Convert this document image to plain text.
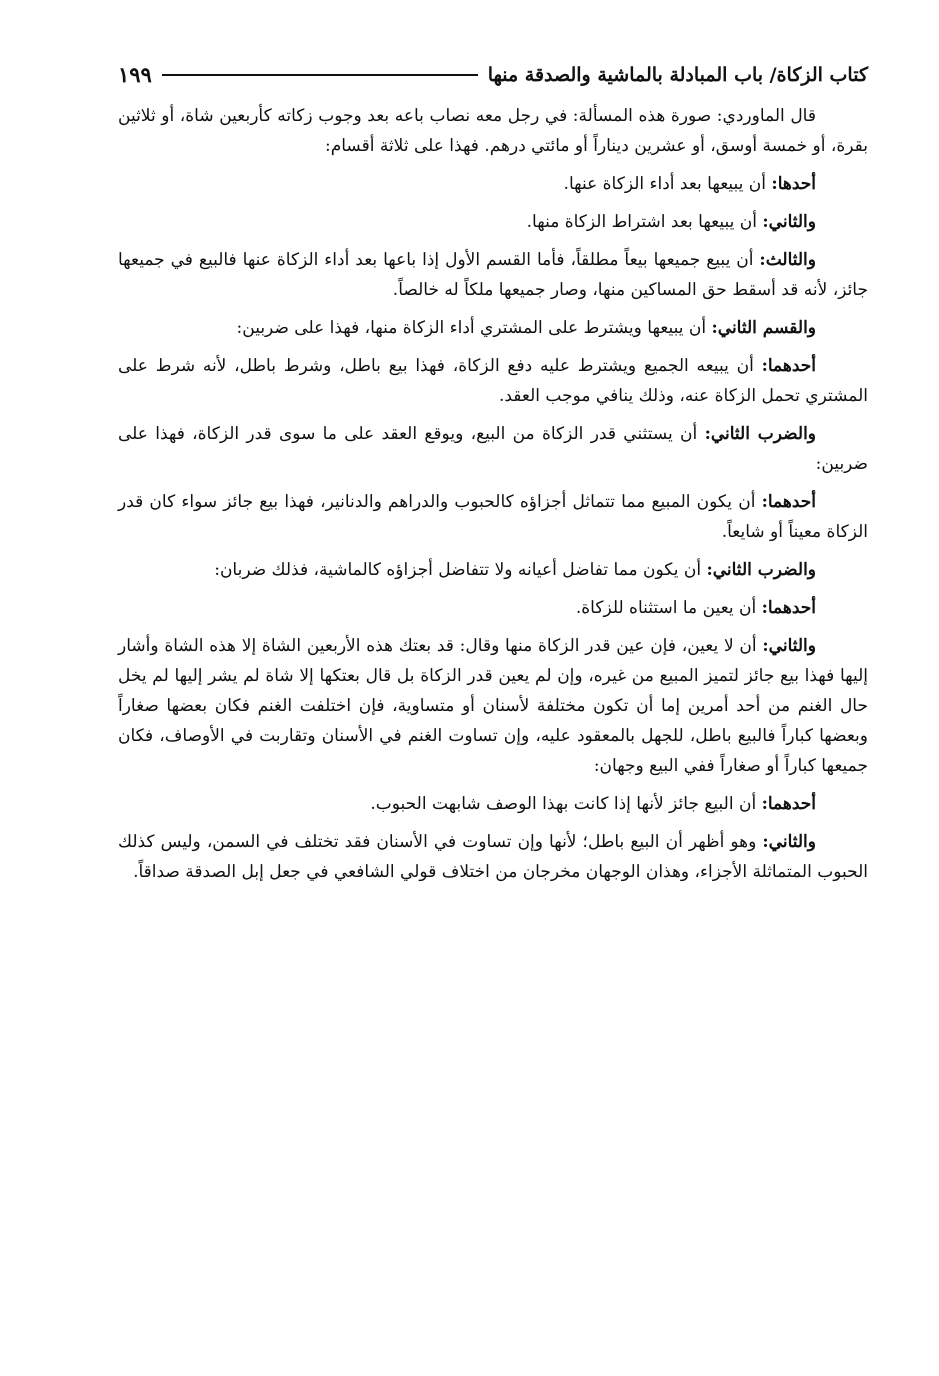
كتاب الزكاة/ باب المبادلة بالماشية والصدقة منها
١٩٩

قال الماوردي: صورة هذه المسألة: في رجل معه نصاب باعه بعد وجوب زكاته كأربعين شاة، أو ثلاثين بقرة، أو خمسة أوسق، أو عشرين ديناراً أو مائتي درهم. فهذا على ثلاثة أقسام:

أحدها: أن يبيعها بعد أداء الزكاة عنها.

والثاني: أن يبيعها بعد اشتراط الزكاة منها.

والثالث: أن يبيع جميعها بيعاً مطلقاً، فأما القسم الأول إذا باعها بعد أداء الزكاة عنها فالبيع في جميعها جائز، لأنه قد أسقط حق المساكين منها، وصار جميعها ملكاً له خالصاً.

والقسم الثاني: أن يبيعها ويشترط على المشتري أداء الزكاة منها، فهذا على ضربين:

أحدهما: أن يبيعه الجميع ويشترط عليه دفع الزكاة، فهذا بيع باطل، وشرط باطل، لأنه شرط على المشتري تحمل الزكاة عنه، وذلك ينافي موجب العقد.

والضرب الثاني: أن يستثني قدر الزكاة من البيع، ويوقع العقد على ما سوى قدر الزكاة، فهذا على ضربين:

أحدهما: أن يكون المبيع مما تتماثل أجزاؤه كالحبوب والدراهم والدنانير، فهذا بيع جائز سواء كان قدر الزكاة معيناً أو شايعاً.

والضرب الثاني: أن يكون مما تفاضل أعيانه ولا تتفاضل أجزاؤه كالماشية، فذلك ضربان:

أحدهما: أن يعين ما استثناه للزكاة.

والثاني: أن لا يعين، فإن عين قدر الزكاة منها وقال: قد بعتك هذه الأربعين الشاة إلا هذه الشاة وأشار إليها فهذا بيع جائز لتميز المبيع من غيره، وإن لم يعين قدر الزكاة بل قال بعتكها إلا شاة لم يشر إليها لم يخل حال الغنم من أحد أمرين إما أن تكون مختلفة لأسنان أو متساوية، فإن اختلفت الغنم فكان بعضها صغاراً وبعضها كباراً فالبيع باطل، للجهل بالمعقود عليه، وإن تساوت الغنم في الأسنان وتقاربت في الأوصاف، فكان جميعها كباراً أو صغاراً ففي البيع وجهان:

أحدهما: أن البيع جائز لأنها إذا كانت بهذا الوصف شابهت الحبوب.

والثاني: وهو أظهر أن البيع باطل؛ لأنها وإن تساوت في الأسنان فقد تختلف في السمن، وليس كذلك الحبوب المتماثلة الأجزاء، وهذان الوجهان مخرجان من اختلاف قولي الشافعي في جعل إبل الصدقة صداقاً.
